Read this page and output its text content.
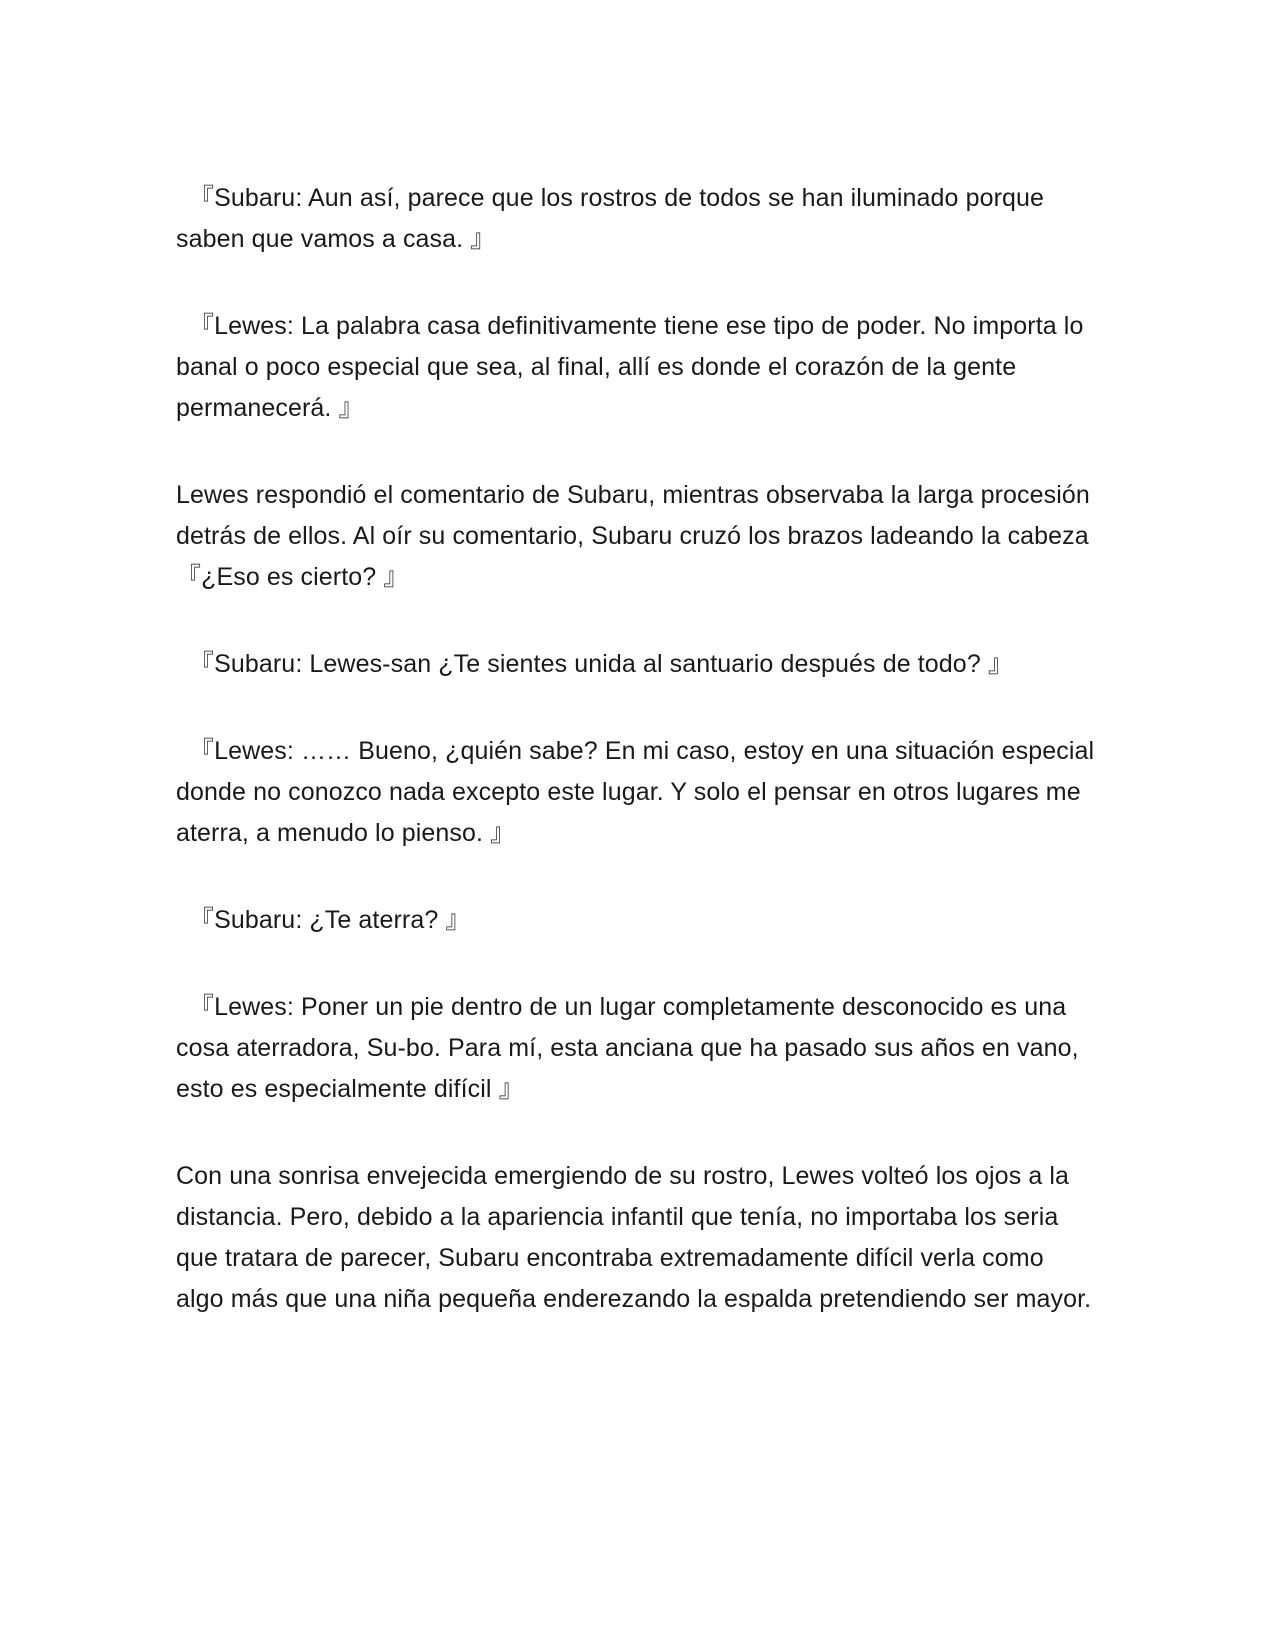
『Subaru: Aun así, parece que los rostros de todos se han iluminado porque saben que vamos a casa. 』

『Lewes: La palabra casa definitivamente tiene ese tipo de poder. No importa lo banal o poco especial que sea, al final, allí es donde el corazón de la gente permanecerá. 』

Lewes respondió el comentario de Subaru, mientras observaba la larga procesión detrás de ellos. Al oír su comentario, Subaru cruzó los brazos ladeando la cabeza 『¿Eso es cierto? 』

『Subaru: Lewes-san ¿Te sientes unida al santuario después de todo? 』

『Lewes: …… Bueno, ¿quién sabe? En mi caso, estoy en una situación especial donde no conozco nada excepto este lugar. Y solo el pensar en otros lugares me aterra, a menudo lo pienso. 』

『Subaru: ¿Te aterra? 』

『Lewes: Poner un pie dentro de un lugar completamente desconocido es una cosa aterradora, Su-bo. Para mí, esta anciana que ha pasado sus años en vano, esto es especialmente difícil 』

Con una sonrisa envejecida emergiendo de su rostro, Lewes volteó los ojos a la distancia. Pero, debido a la apariencia infantil que tenía, no importaba los seria que tratara de parecer, Subaru encontraba extremadamente difícil verla como algo más que una niña pequeña enderezando la espalda pretendiendo ser mayor.
